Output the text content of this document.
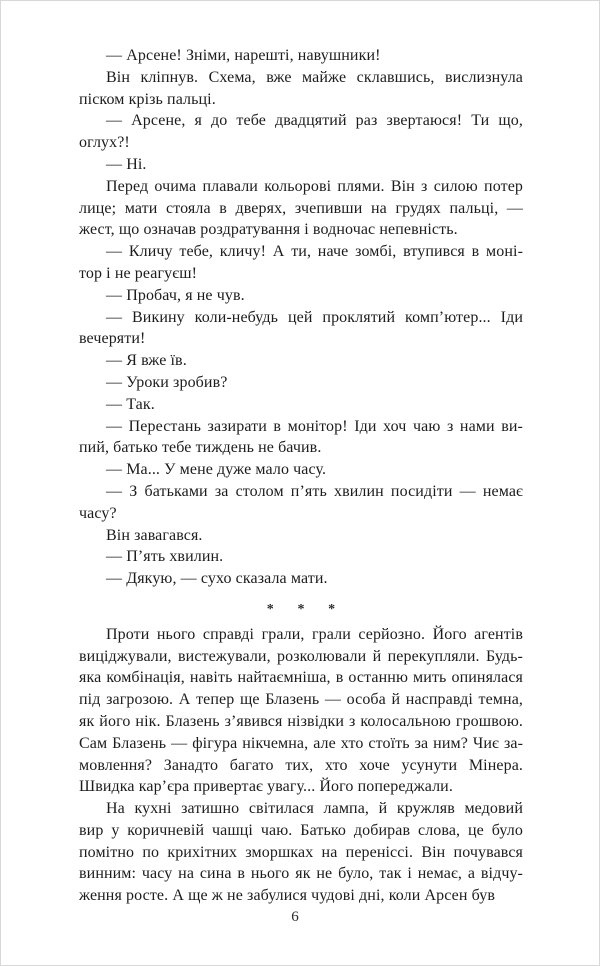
— Арсене! Зніми, нарешті, навушники!
Він кліпнув. Схема, вже майже склавшись, вислизнула
піском крізь пальці.
— Арсене, я до тебе двадцятий раз звертаюся! Ти що,
оглух?!
— Ні.
Перед очима плавали кольорові плями. Він з силою потер
лице; мати стояла в дверях, зчепивши на грудях пальці, —
жест, що означав роздратування і водночас непевність.
— Кличу тебе, кличу! А ти, наче зомбі, втупився в моні-
тор і не реагуєш!
— Пробач, я не чув.
— Викину коли-небудь цей проклятий комп’ютер... Іди
вечеряти!
— Я вже їв.
— Уроки зробив?
— Так.
— Перестань зазирати в монітор! Іди хоч чаю з нами ви-
пий, батько тебе тиждень не бачив.
— Ма... У мене дуже мало часу.
— З батьками за столом п’ять хвилин посидіти — немає
часу?
Він завагався.
— П’ять хвилин.
— Дякую, — сухо сказала мати.
* * *
Проти нього справді грали, грали серйозно. Його агентів
виціджували, вистежували, розколювали й перекупляли. Будь-
яка комбінація, навіть найтаємніша, в останню мить опинялася
під загрозою. А тепер ще Блазень — особа й насправді темна,
як його нік. Блазень з’явився нізвідки з колосальною грошвою.
Сам Блазень — фігура нікчемна, але хто стоїть за ним? Чиє за-
мовлення? Занадто багато тих, хто хоче усунути Мінера.
Швидка кар’єра привертає увагу... Його попереджали.
На кухні затишно світилася лампа, й кружляв медовий
вир у коричневій чашці чаю. Батько добирав слова, це було
помітно по крихітних зморшках на переніссі. Він почувався
винним: часу на сина в нього як не було, так і немає, а відчу-
ження росте. А ще ж не забулися чудові дні, коли Арсен був
6
